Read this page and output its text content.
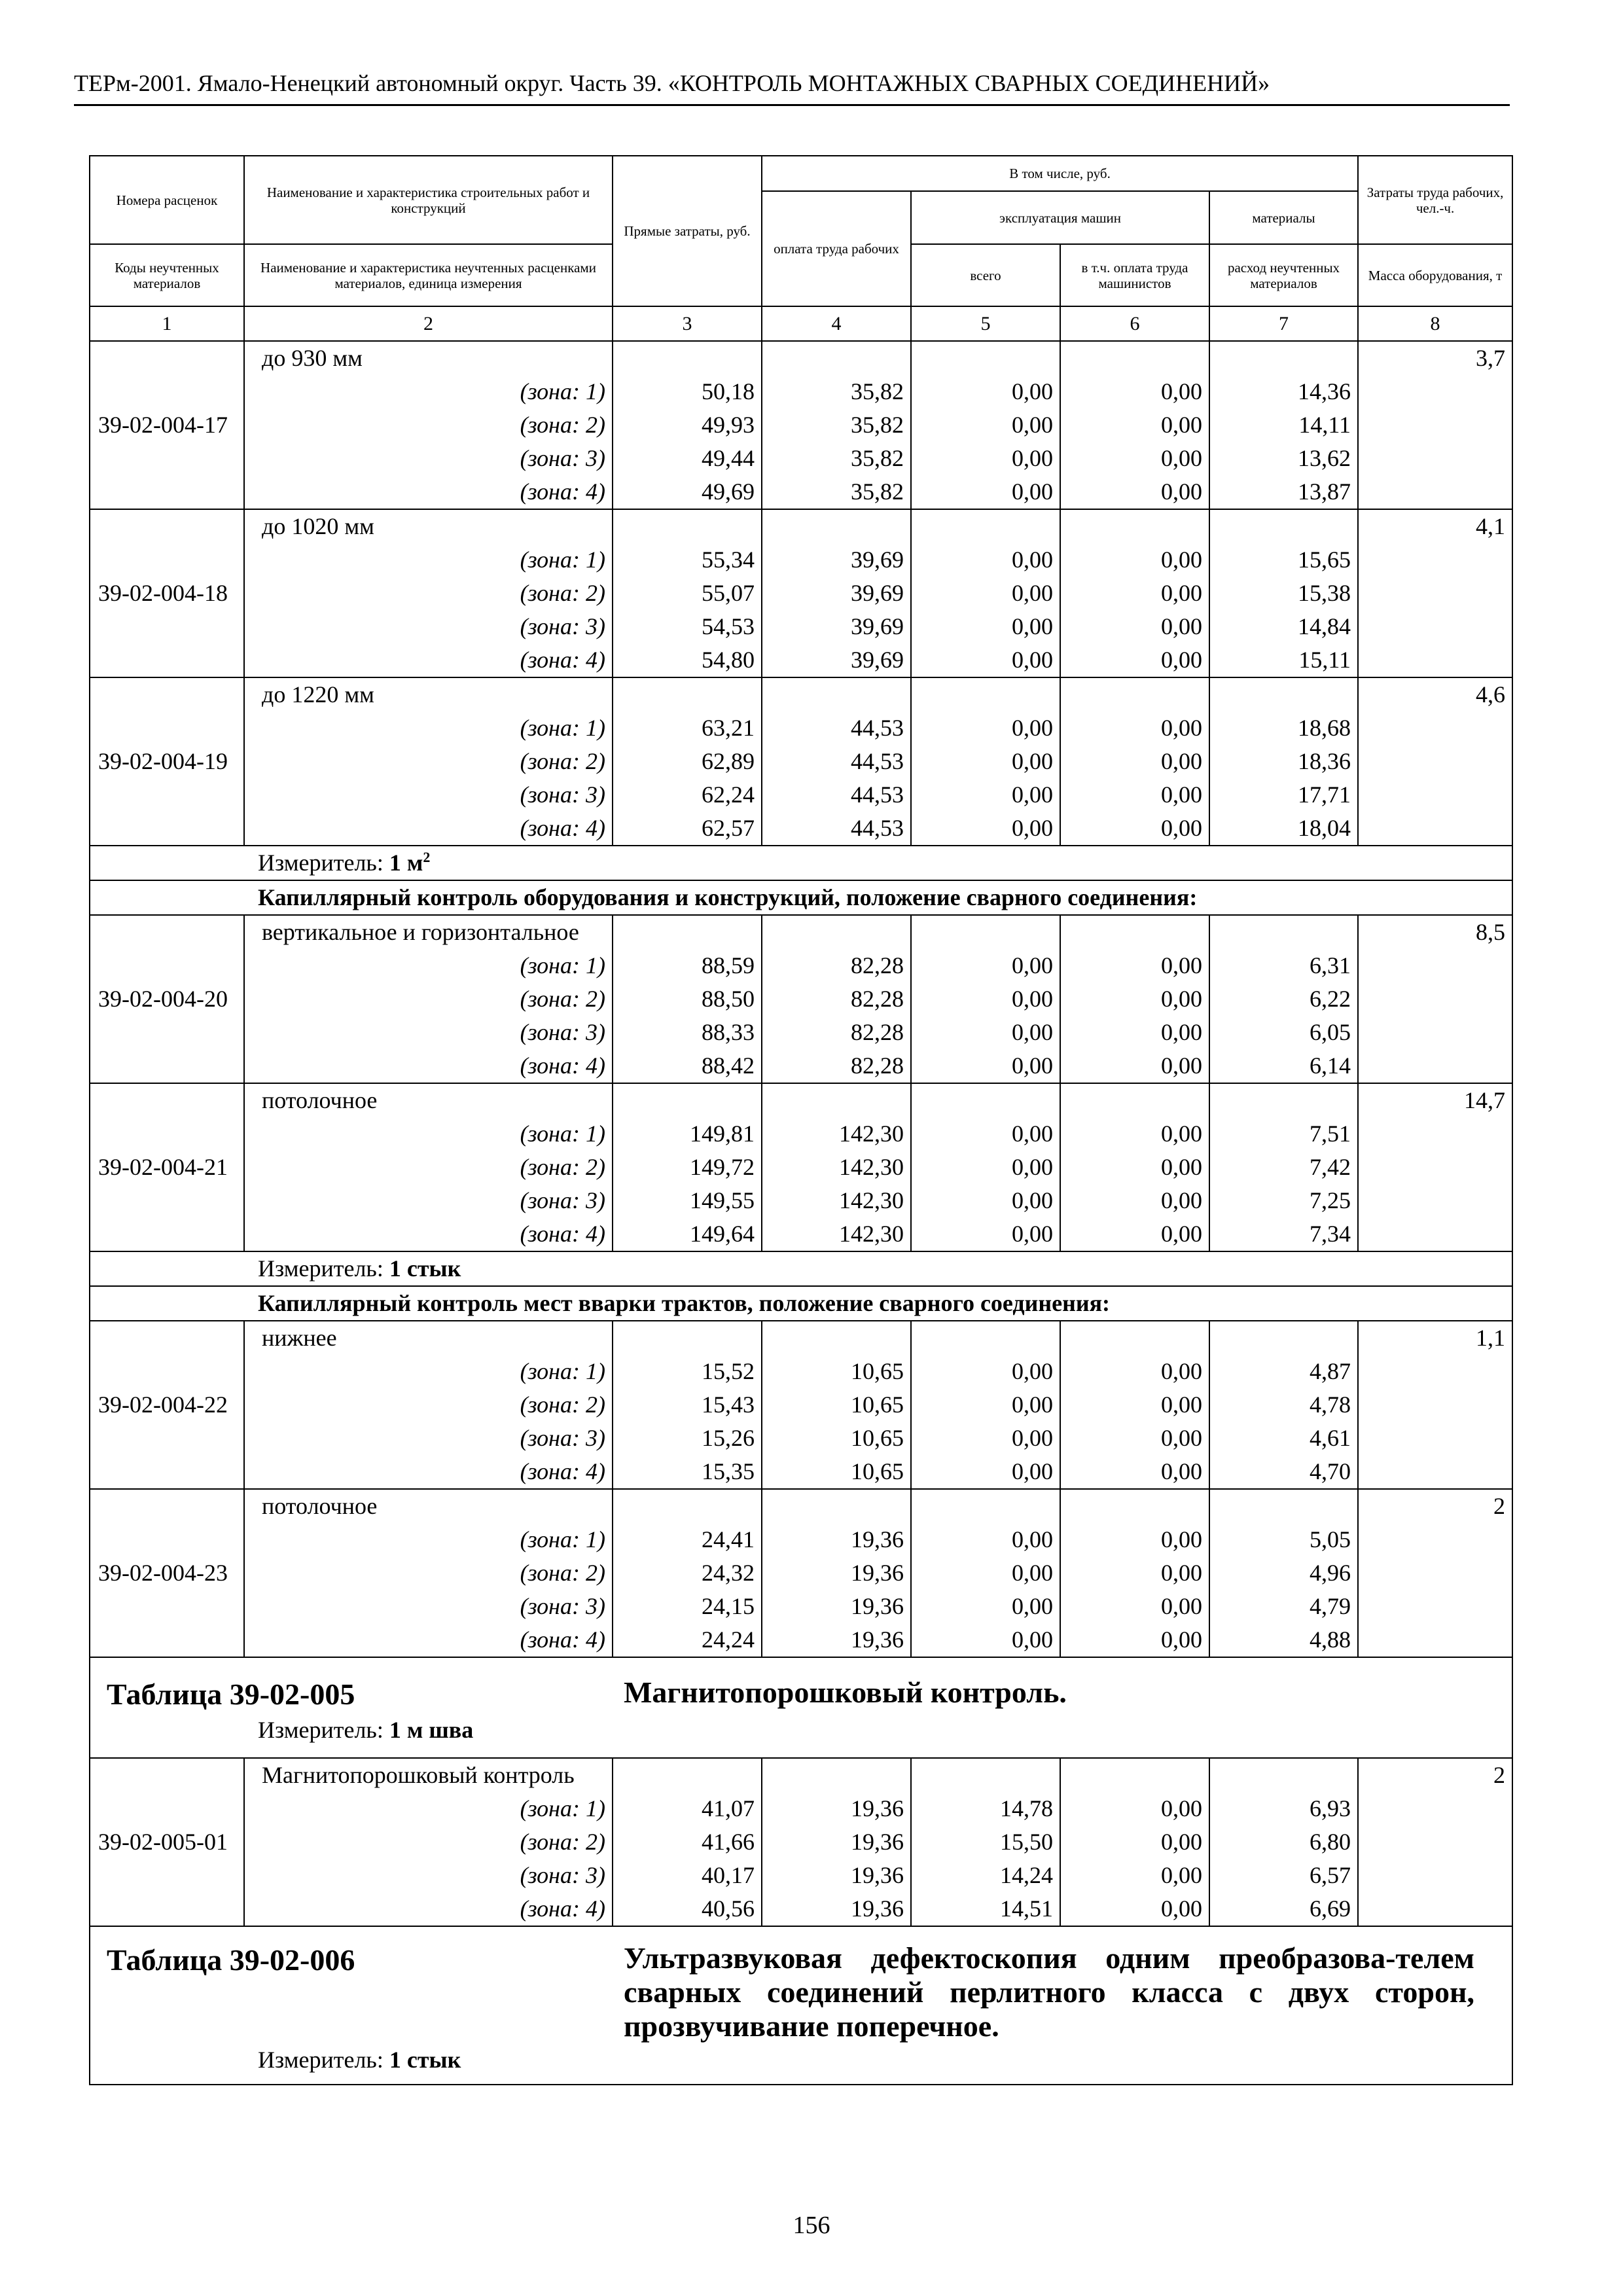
ТЕРм-2001. Ямало-Ненецкий автономный округ. Часть 39. «КОНТРОЛЬ МОНТАЖНЫХ СВАРНЫХ СОЕДИНЕНИЙ»
Номера расценок	Наименование и характеристика строительных работ и конструкций	Прямые затраты, руб.	В том числе, руб.				Затраты труда рабочих, чел.-ч.
			оплата труда рабочих	эксплуатация машин		материалы	
Коды неучтенных материалов	Наименование и характеристика неучтенных расценками материалов, единица измерения			всего	в т.ч. оплата труда машинистов	расход неучтенных материалов	Масса оборудования, т
1	2	3	4	5	6	7	8
39-02-004-17	до 930 мм						3,7
	(зона: 1)	50,18	35,82	0,00	0,00	14,36	
	(зона: 2)	49,93	35,82	0,00	0,00	14,11	
	(зона: 3)	49,44	35,82	0,00	0,00	13,62	
	(зона: 4)	49,69	35,82	0,00	0,00	13,87	
39-02-004-18	до 1020 мм						4,1
	(зона: 1)	55,34	39,69	0,00	0,00	15,65	
	(зона: 2)	55,07	39,69	0,00	0,00	15,38	
	(зона: 3)	54,53	39,69	0,00	0,00	14,84	
	(зона: 4)	54,80	39,69	0,00	0,00	15,11	
39-02-004-19	до 1220 мм						4,6
	(зона: 1)	63,21	44,53	0,00	0,00	18,68	
	(зона: 2)	62,89	44,53	0,00	0,00	18,36	
	(зона: 3)	62,24	44,53	0,00	0,00	17,71	
	(зона: 4)	62,57	44,53	0,00	0,00	18,04	
Измеритель: 1 $м^2$
Капиллярный контроль оборудования и конструкций, положение сварного соединения:							
39-02-004-20	вертикальное и горизонтальное						8,5
	(зона: 1)	88,59	82,28	0,00	0,00	6,31	
	(зона: 2)	88,50	82,28	0,00	0,00	6,22	
	(зона: 3)	88,33	82,28	0,00	0,00	6,05	
	(зона: 4)	88,42	82,28	0,00	0,00	6,14	
39-02-004-21	потолочное						14,7
	(зона: 1)	149,81	142,30	0,00	0,00	7,51	
	(зона: 2)	149,72	142,30	0,00	0,00	7,42	
	(зона: 3)	149,55	142,30	0,00	0,00	7,25	
	(зона: 4)	149,64	142,30	0,00	0,00	7,34	
Измеритель: 1 стык							
Капиллярный контроль мест вварки трактов, положение сварного соединения:							
39-02-004-22	нижнее						1,1
	(зона: 1)	15,52	10,65	0,00	0,00	4,87	
	(зона: 2)	15,43	10,65	0,00	0,00	4,78	
	(зона: 3)	15,26	10,65	0,00	0,00	4,61	
	(зона: 4)	15,35	10,65	0,00	0,00	4,70	
39-02-004-23	потолочное						2
	(зона: 1)	24,41	19,36	0,00	0,00	5,05	
	(зона: 2)	24,32	19,36	0,00	0,00	4,96	
	(зона: 3)	24,15	19,36	0,00	0,00	4,79	
	(зона: 4)	24,24	19,36	0,00	0,00	4,88	

Таблица 39-02-005 Магнитопорошковый контроль.
Измеритель: 1 м шва							

39-02-005-01	Магнитопорошковый контроль						2
	(зона: 1)	41,07	19,36	14,78	0,00	6,93	
	(зона: 2)	41,66	19,36	15,50	0,00	6,80	
	(зона: 3)	40,17	19,36	14,24	0,00	6,57	
	(зона: 4)	40,56	19,36	14,51	0,00	6,69	

Таблица 39-02-006 Ультразвуковая дефектоскопия одним преобразова-телем сварных соединений перлитного класса с двух сторон, прозвучивание поперечное.
Измеритель: 1 стык							
156
